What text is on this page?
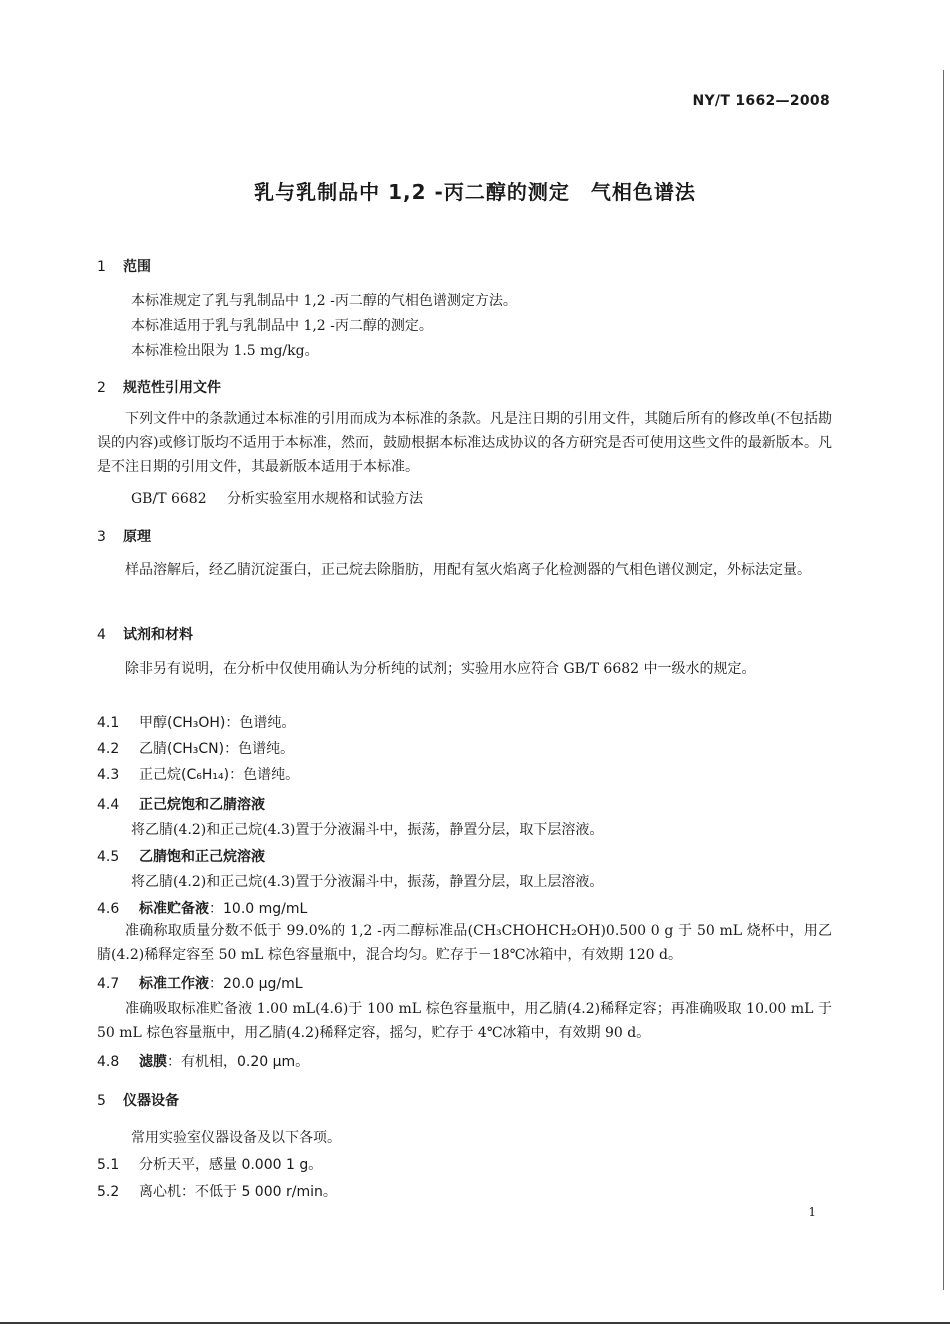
NY/T 1662—2008
乳与乳制品中 1,2 -丙二醇的测定　气相色谱法
1 范围
本标准规定了乳与乳制品中 1,2 -丙二醇的气相色谱测定方法。
本标准适用于乳与乳制品中 1,2 -丙二醇的测定。
本标准检出限为 1.5 mg/kg。
2 规范性引用文件
下列文件中的条款通过本标准的引用而成为本标准的条款。凡是注日期的引用文件，其随后所有的修改单(不包括勘误的内容)或修订版均不适用于本标准，然而，鼓励根据本标准达成协议的各方研究是否可使用这些文件的最新版本。凡是不注日期的引用文件，其最新版本适用于本标准。
GB/T 6682 分析实验室用水规格和试验方法
3 原理
样品溶解后，经乙腈沉淀蛋白，正己烷去除脂肪，用配有氢火焰离子化检测器的气相色谱仪测定，外标法定量。
4 试剂和材料
除非另有说明，在分析中仅使用确认为分析纯的试剂；实验用水应符合 GB/T 6682 中一级水的规定。
4.1 甲醇(CH₃OH)：色谱纯。
4.2 乙腈(CH₃CN)：色谱纯。
4.3 正己烷(C₆H₁₄)：色谱纯。
4.4 正己烷饱和乙腈溶液
将乙腈(4.2)和正己烷(4.3)置于分液漏斗中，振荡，静置分层，取下层溶液。
4.5 乙腈饱和正己烷溶液
将乙腈(4.2)和正己烷(4.3)置于分液漏斗中，振荡，静置分层，取上层溶液。
4.6 标准贮备液：10.0 mg/mL
准确称取质量分数不低于 99.0%的 1,2 -丙二醇标准品(CH₃CHOHCH₂OH)0.500 0 g 于 50 mL 烧杯中，用乙腈(4.2)稀释定容至 50 mL 棕色容量瓶中，混合均匀。贮存于－18℃冰箱中，有效期 120 d。
4.7 标准工作液：20.0 μg/mL
准确吸取标准贮备液 1.00 mL(4.6)于 100 mL 棕色容量瓶中，用乙腈(4.2)稀释定容；再准确吸取 10.00 mL 于 50 mL 棕色容量瓶中，用乙腈(4.2)稀释定容，摇匀，贮存于 4℃冰箱中，有效期 90 d。
4.8 滤膜：有机相，0.20 μm。
5 仪器设备
常用实验室仪器设备及以下各项。
5.1 分析天平，感量 0.000 1 g。
5.2 离心机：不低于 5 000 r/min。
1
